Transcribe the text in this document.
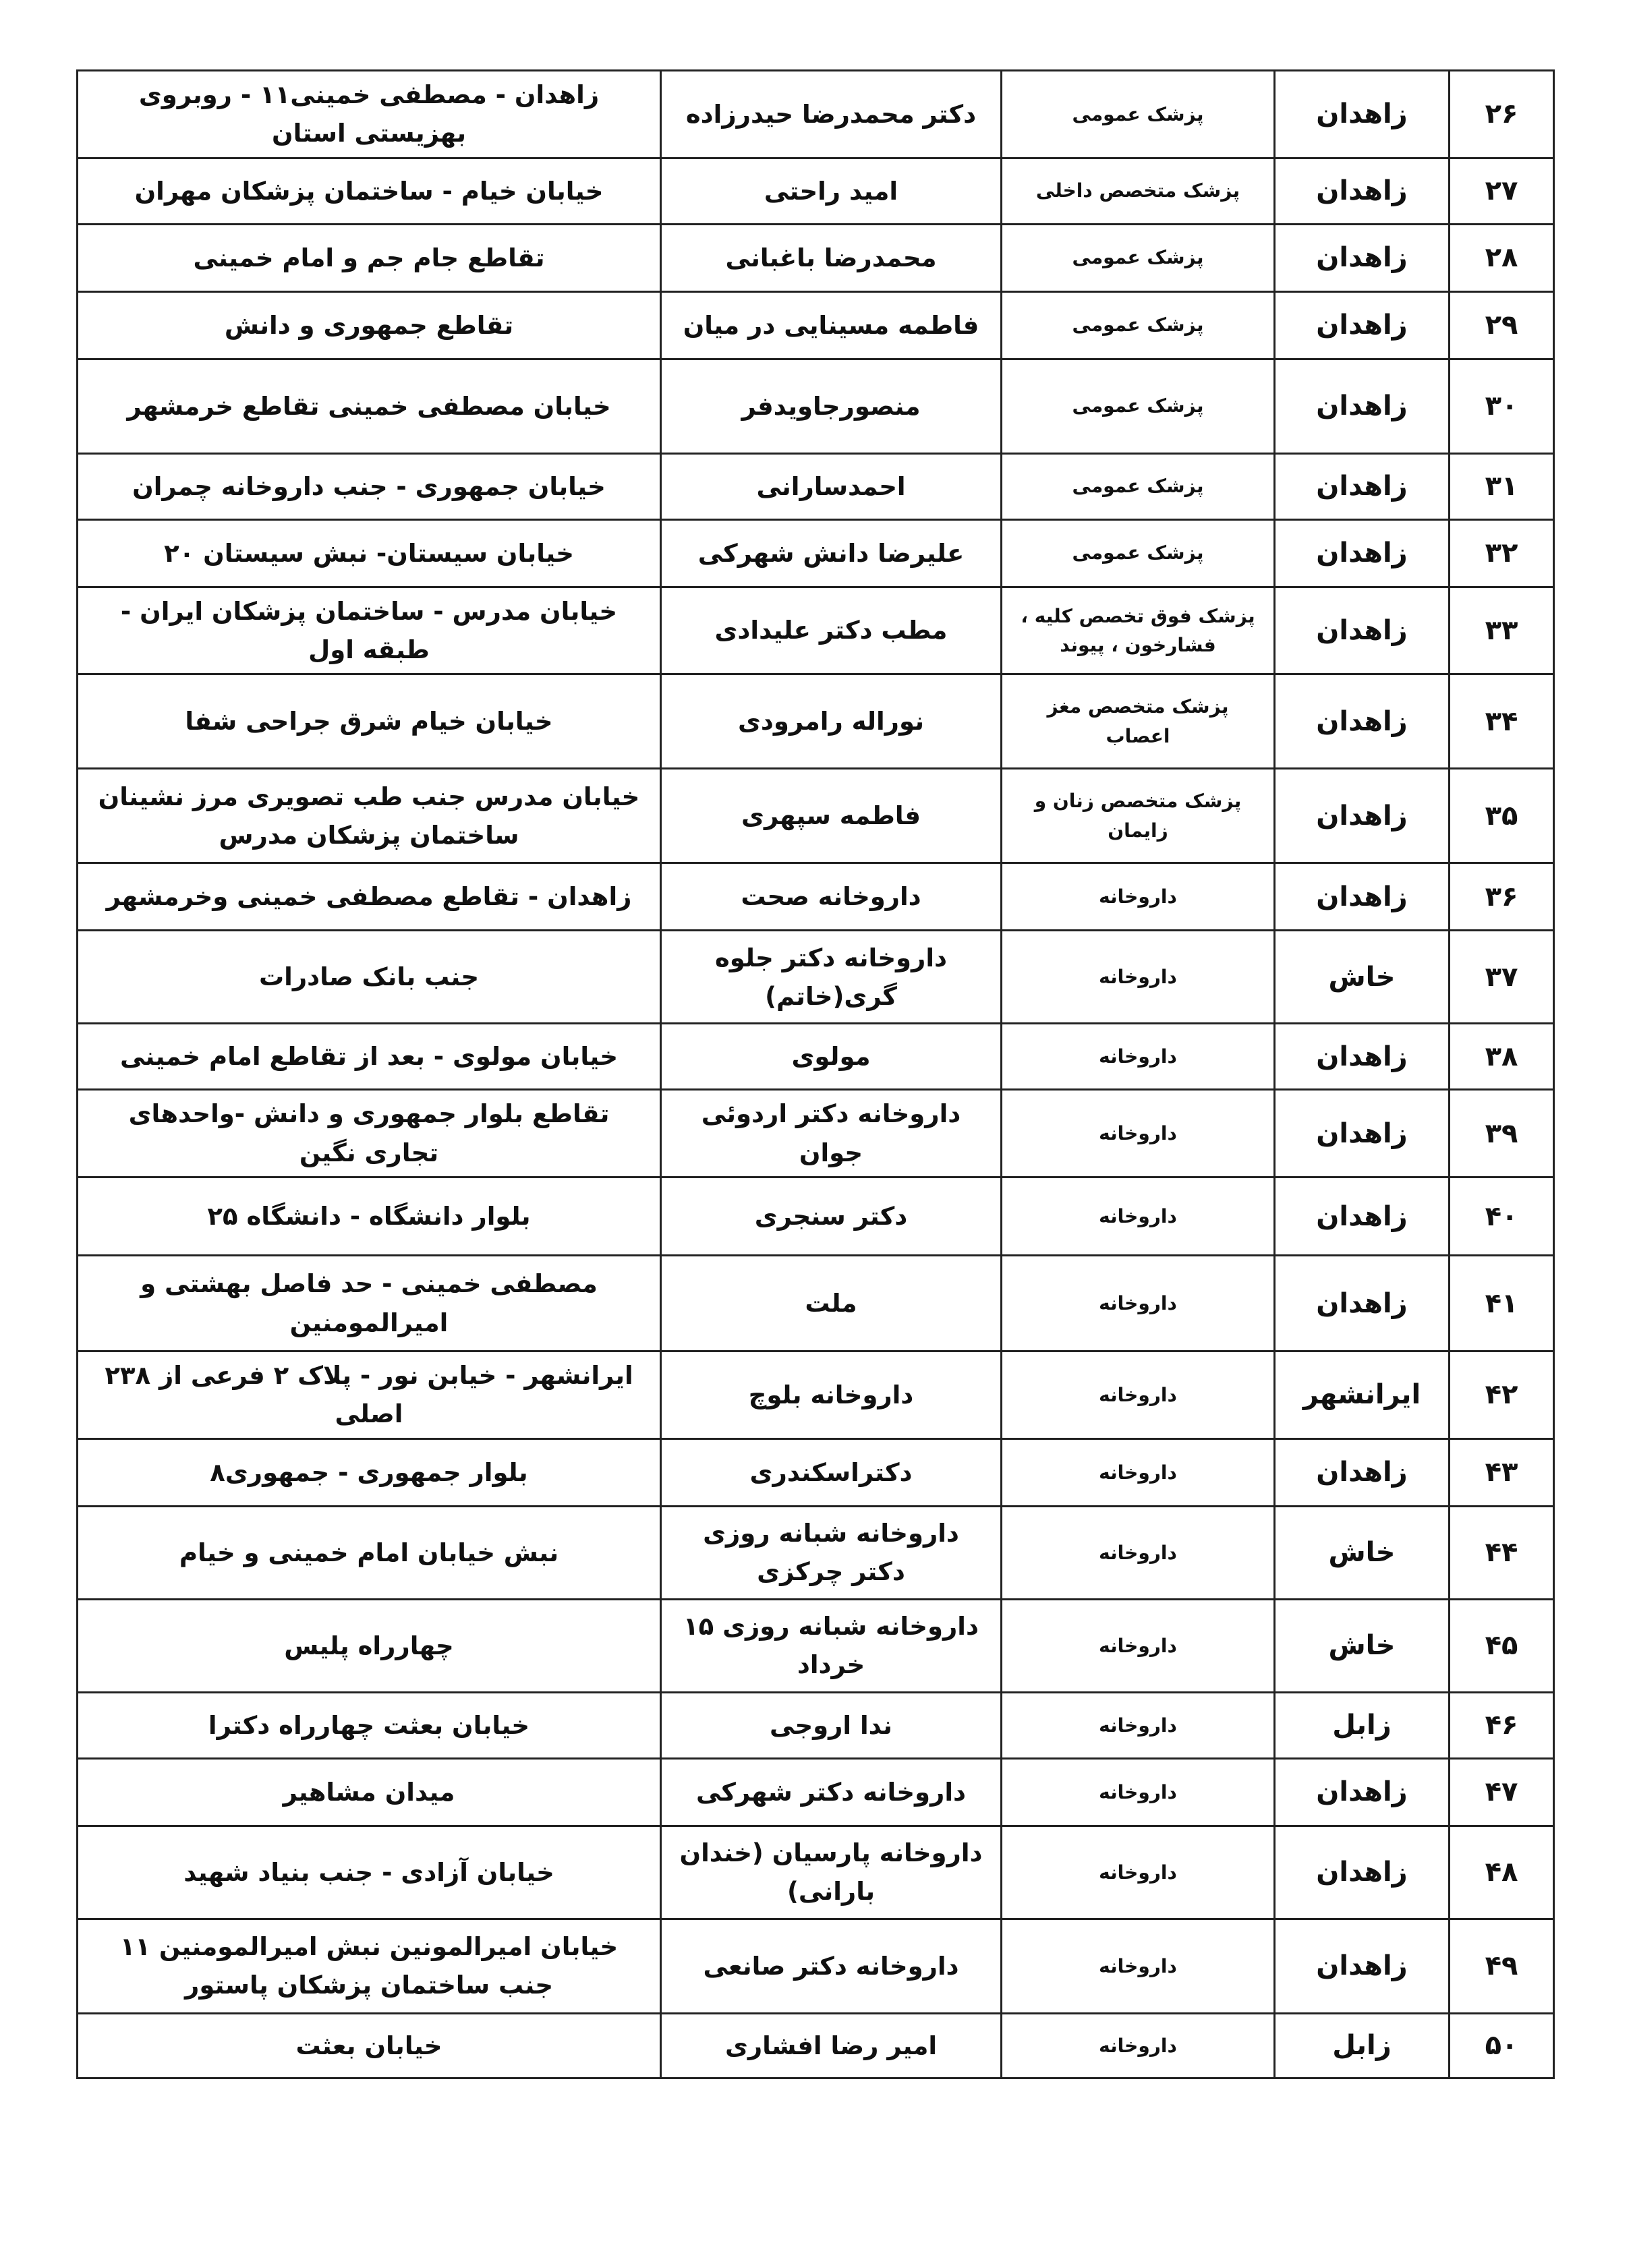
۲۶	زاهدان	پزشک عمومی	دکتر محمدرضا حیدرزاده	زاهدان - مصطفی خمینی۱۱ - روبروی بهزیستی استان
۲۷	زاهدان	پزشک متخصص داخلی	امید راحتی	خیابان خیام - ساختمان پزشکان مهران
۲۸	زاهدان	پزشک عمومی	محمدرضا باغبانی	تقاطع جام جم و امام خمینی
۲۹	زاهدان	پزشک عمومی	فاطمه مسینایی در میان	تقاطع جمهوری و دانش
۳۰	زاهدان	پزشک عمومی	منصورجاویدفر	خیابان مصطفی خمینی تقاطع خرمشهر
۳۱	زاهدان	پزشک عمومی	احمدسارانی	خیابان جمهوری - جنب داروخانه چمران
۳۲	زاهدان	پزشک عمومی	علیرضا دانش شهرکی	خیابان سیستان- نبش سیستان ۲۰
۳۳	زاهدان	پزشک فوق تخصص کلیه ، فشارخون ، پیوند	مطب دکتر علیدادی	خیابان مدرس - ساختمان پزشکان ایران - طبقه اول
۳۴	زاهدان	پزشک متخصص مغز اعصاب	نوراله رامرودی	خیابان خیام شرق جراحی شفا
۳۵	زاهدان	پزشک متخصص زنان و زایمان	فاطمه سپهری	خیابان مدرس جنب طب تصویری مرز نشینان ساختمان پزشکان مدرس
۳۶	زاهدان	داروخانه	داروخانه صحت	زاهدان - تقاطع مصطفی خمینی وخرمشهر
۳۷	خاش	داروخانه	داروخانه دکتر جلوه گری(خاتم)	جنب بانک صادرات
۳۸	زاهدان	داروخانه	مولوی	خیابان مولوی - بعد از تقاطع امام خمینی
۳۹	زاهدان	داروخانه	داروخانه دکتر اردوئی جوان	تقاطع بلوار جمهوری و دانش -واحدهای تجاری نگین
۴۰	زاهدان	داروخانه	دکتر سنجری	بلوار دانشگاه - دانشگاه ۲۵
۴۱	زاهدان	داروخانه	ملت	مصطفی خمینی - حد فاصل بهشتی و امیرالمومنین
۴۲	ایرانشهر	داروخانه	داروخانه بلوچ	ایرانشهر - خیابن نور - پلاک ۲ فرعی از ۲۳۸ اصلی
۴۳	زاهدان	داروخانه	دکتراسکندری	بلوار جمهوری - جمهوری۸
۴۴	خاش	داروخانه	داروخانه شبانه روزی دکتر چرکزی	نبش خیابان امام خمینی و خیام
۴۵	خاش	داروخانه	داروخانه شبانه روزی ۱۵ خرداد	چهارراه پلیس
۴۶	زابل	داروخانه	ندا اروجی	خیابان بعثت چهارراه دکترا
۴۷	زاهدان	داروخانه	داروخانه دکتر شهرکی	میدان مشاهیر
۴۸	زاهدان	داروخانه	داروخانه پارسیان (خندان بارانی)	خیابان آزادی - جنب بنیاد شهید
۴۹	زاهدان	داروخانه	داروخانه دکتر صانعی	خیابان امیرالمونین نبش امیرالمومنین ۱۱ جنب ساختمان پزشکان پاستور
۵۰	زابل	داروخانه	امیر رضا افشاری	خیابان بعثت
